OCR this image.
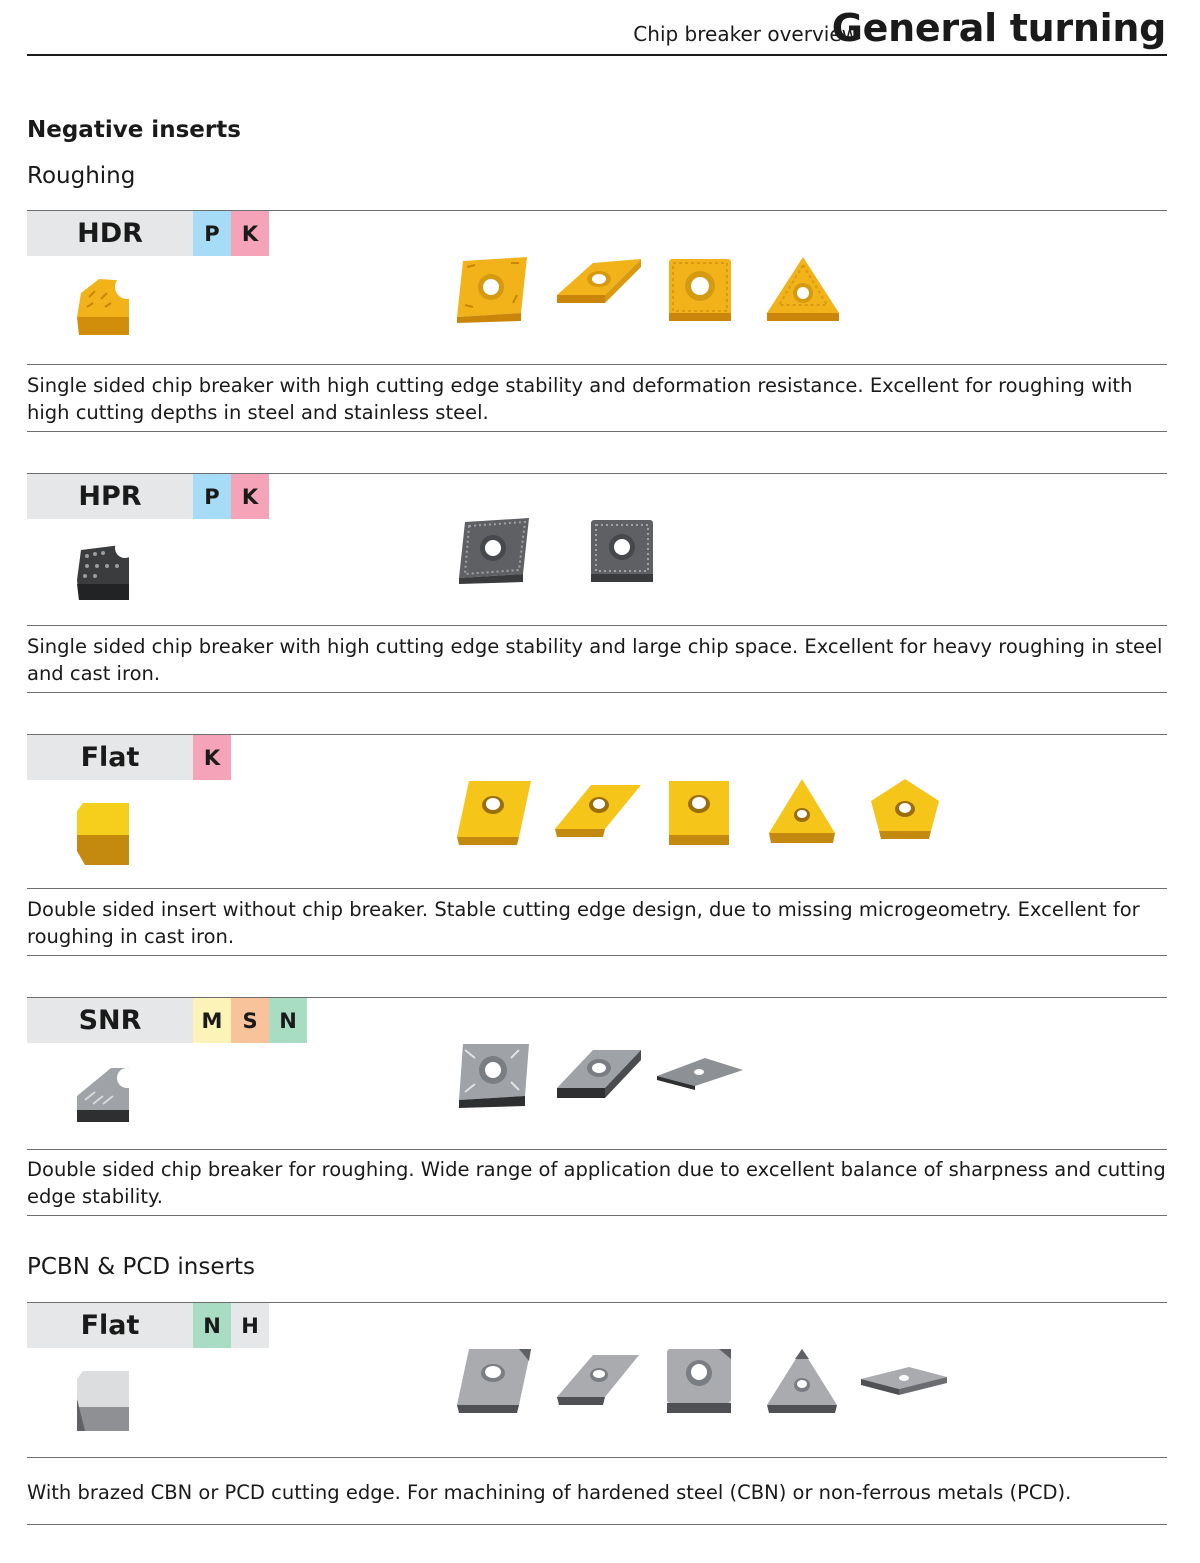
Chip breaker overview
General turning
Negative inserts
Roughing
HDR	P	K
Single sided chip breaker with high cutting edge stability and deformation resistance. Excellent for roughing with high cutting depths in steel and stainless steel.
HPR	P	K
Single sided chip breaker with high cutting edge stability and large chip space. Excellent for heavy roughing in steel and cast iron.
Flat	K
Double sided insert without chip breaker. Stable cutting edge design, due to missing microgeometry. Excellent for roughing in cast iron.
SNR	M S	N
Double sided chip breaker for roughing. Wide range of application due to excellent balance of sharpness and cutting edge stability.
PCBN & PCD inserts
Flat	N H
With brazed CBN or PCD cutting edge. For machining of hardened steel (CBN) or non-ferrous metals (PCD).
